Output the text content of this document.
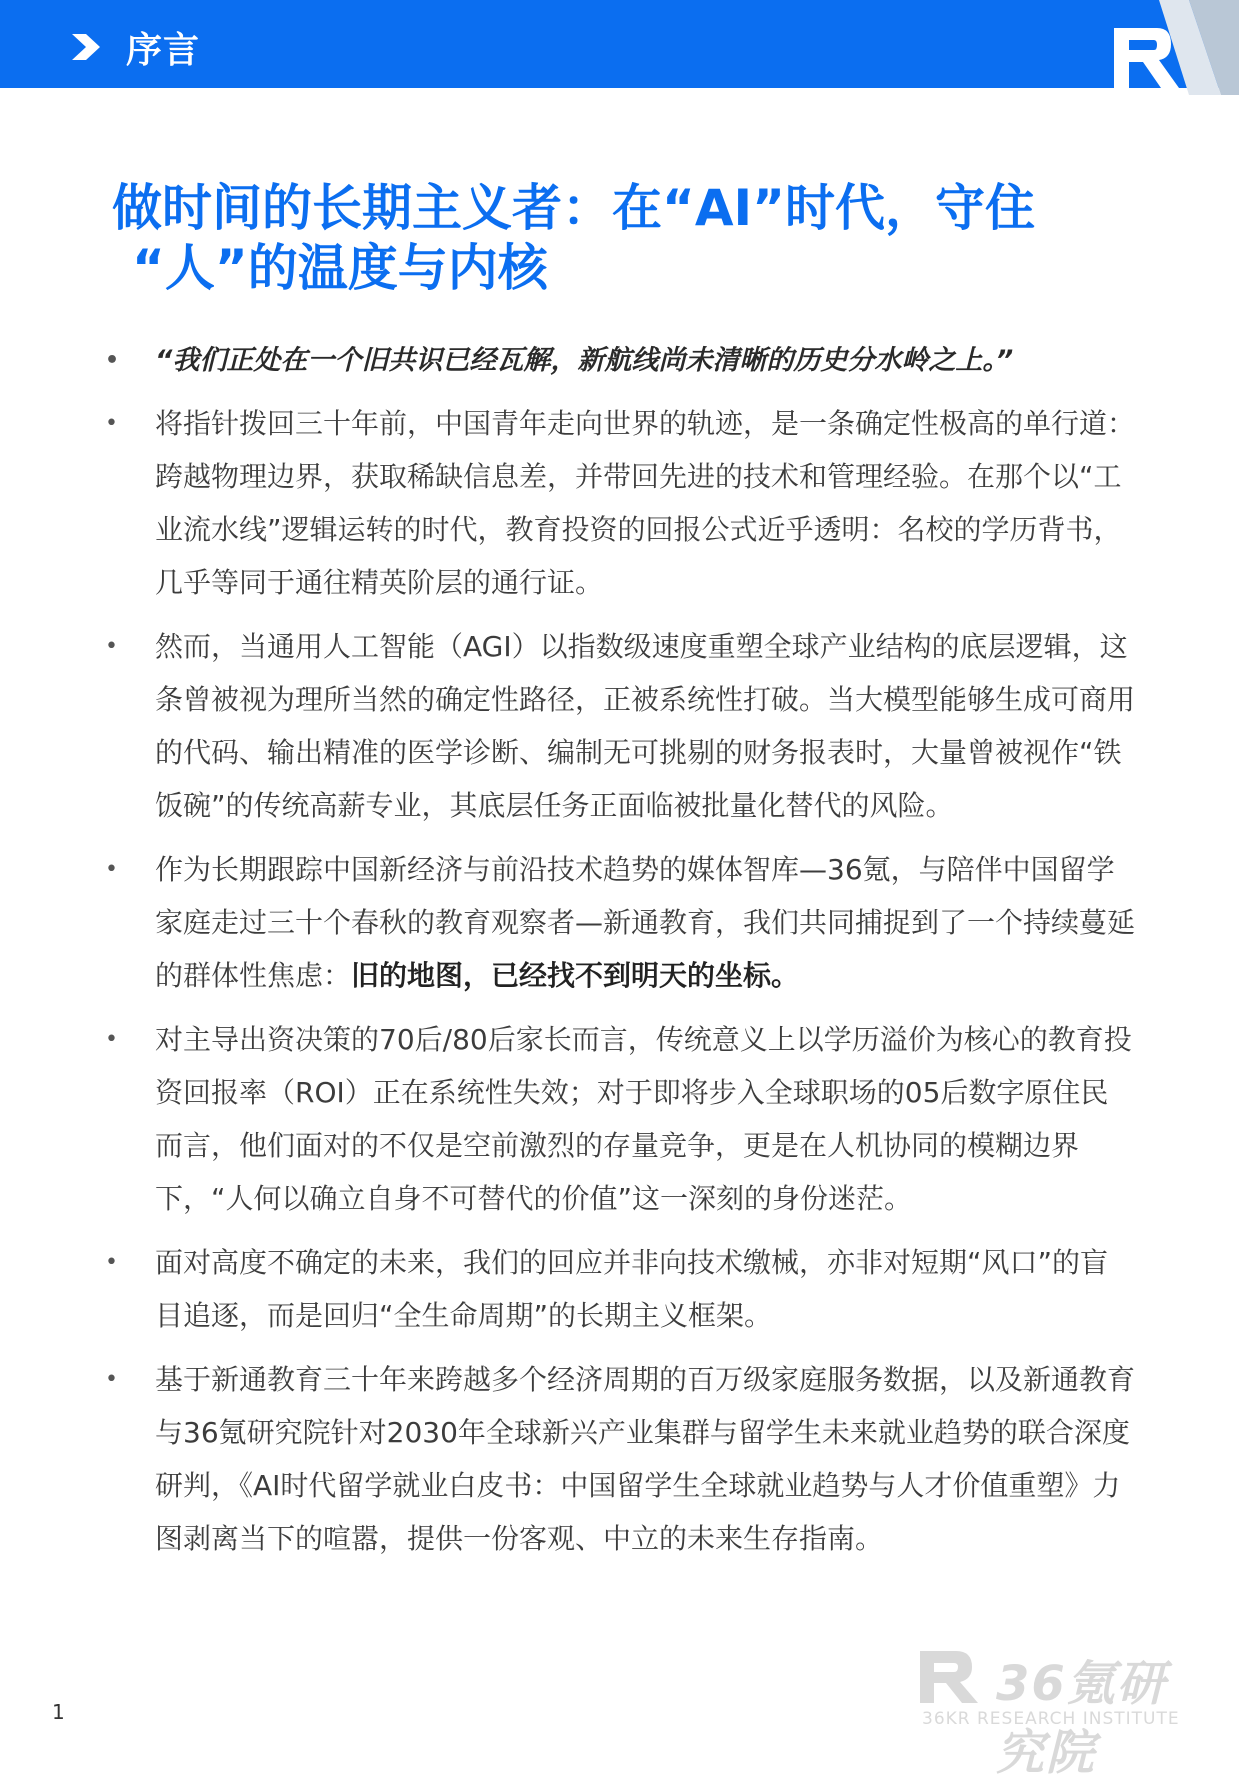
序言
做时间的长期主义者：在“AI”时代，守住
“人”的温度与内核
• “我们正处在一个旧共识已经瓦解，新航线尚未清晰的历史分水岭之上。”
• 将指针拨回三十年前，中国青年走向世界的轨迹，是一条确定性极高的单行道：跨越物理边界，获取稀缺信息差，并带回先进的技术和管理经验。在那个以“工业流水线”逻辑运转的时代，教育投资的回报公式近乎透明：名校的学历背书，几乎等同于通往精英阶层的通行证。
• 然而，当通用人工智能（AGI）以指数级速度重塑全球产业结构的底层逻辑，这条曾被视为理所当然的确定性路径，正被系统性打破。当大模型能够生成可商用的代码、输出精准的医学诊断、编制无可挑剔的财务报表时，大量曾被视作“铁饭碗”的传统高薪专业，其底层任务正面临被批量化替代的风险。
• 作为长期跟踪中国新经济与前沿技术趋势的媒体智库—36氪，与陪伴中国留学家庭走过三十个春秋的教育观察者—新通教育，我们共同捕捉到了一个持续蔓延的群体性焦虑：旧的地图，已经找不到明天的坐标。
• 对主导出资决策的70后/80后家长而言，传统意义上以学历溢价为核心的教育投资回报率（ROI）正在系统性失效；对于即将步入全球职场的05后数字原住民而言，他们面对的不仅是空前激烈的存量竞争，更是在人机协同的模糊边界下，“人何以确立自身不可替代的价值”这一深刻的身份迷茫。
• 面对高度不确定的未来，我们的回应并非向技术缴械，亦非对短期“风口”的盲目追逐，而是回归“全生命周期”的长期主义框架。
• 基于新通教育三十年来跨越多个经济周期的百万级家庭服务数据，以及新通教育与36氪研究院针对2030年全球新兴产业集群与留学生未来就业趋势的联合深度研判，《AI时代留学就业白皮书：中国留学生全球就业趋势与人才价值重塑》力图剥离当下的喧嚣，提供一份客观、中立的未来生存指南。
36氪研究院
36KR RESEARCH INSTITUTE
1
